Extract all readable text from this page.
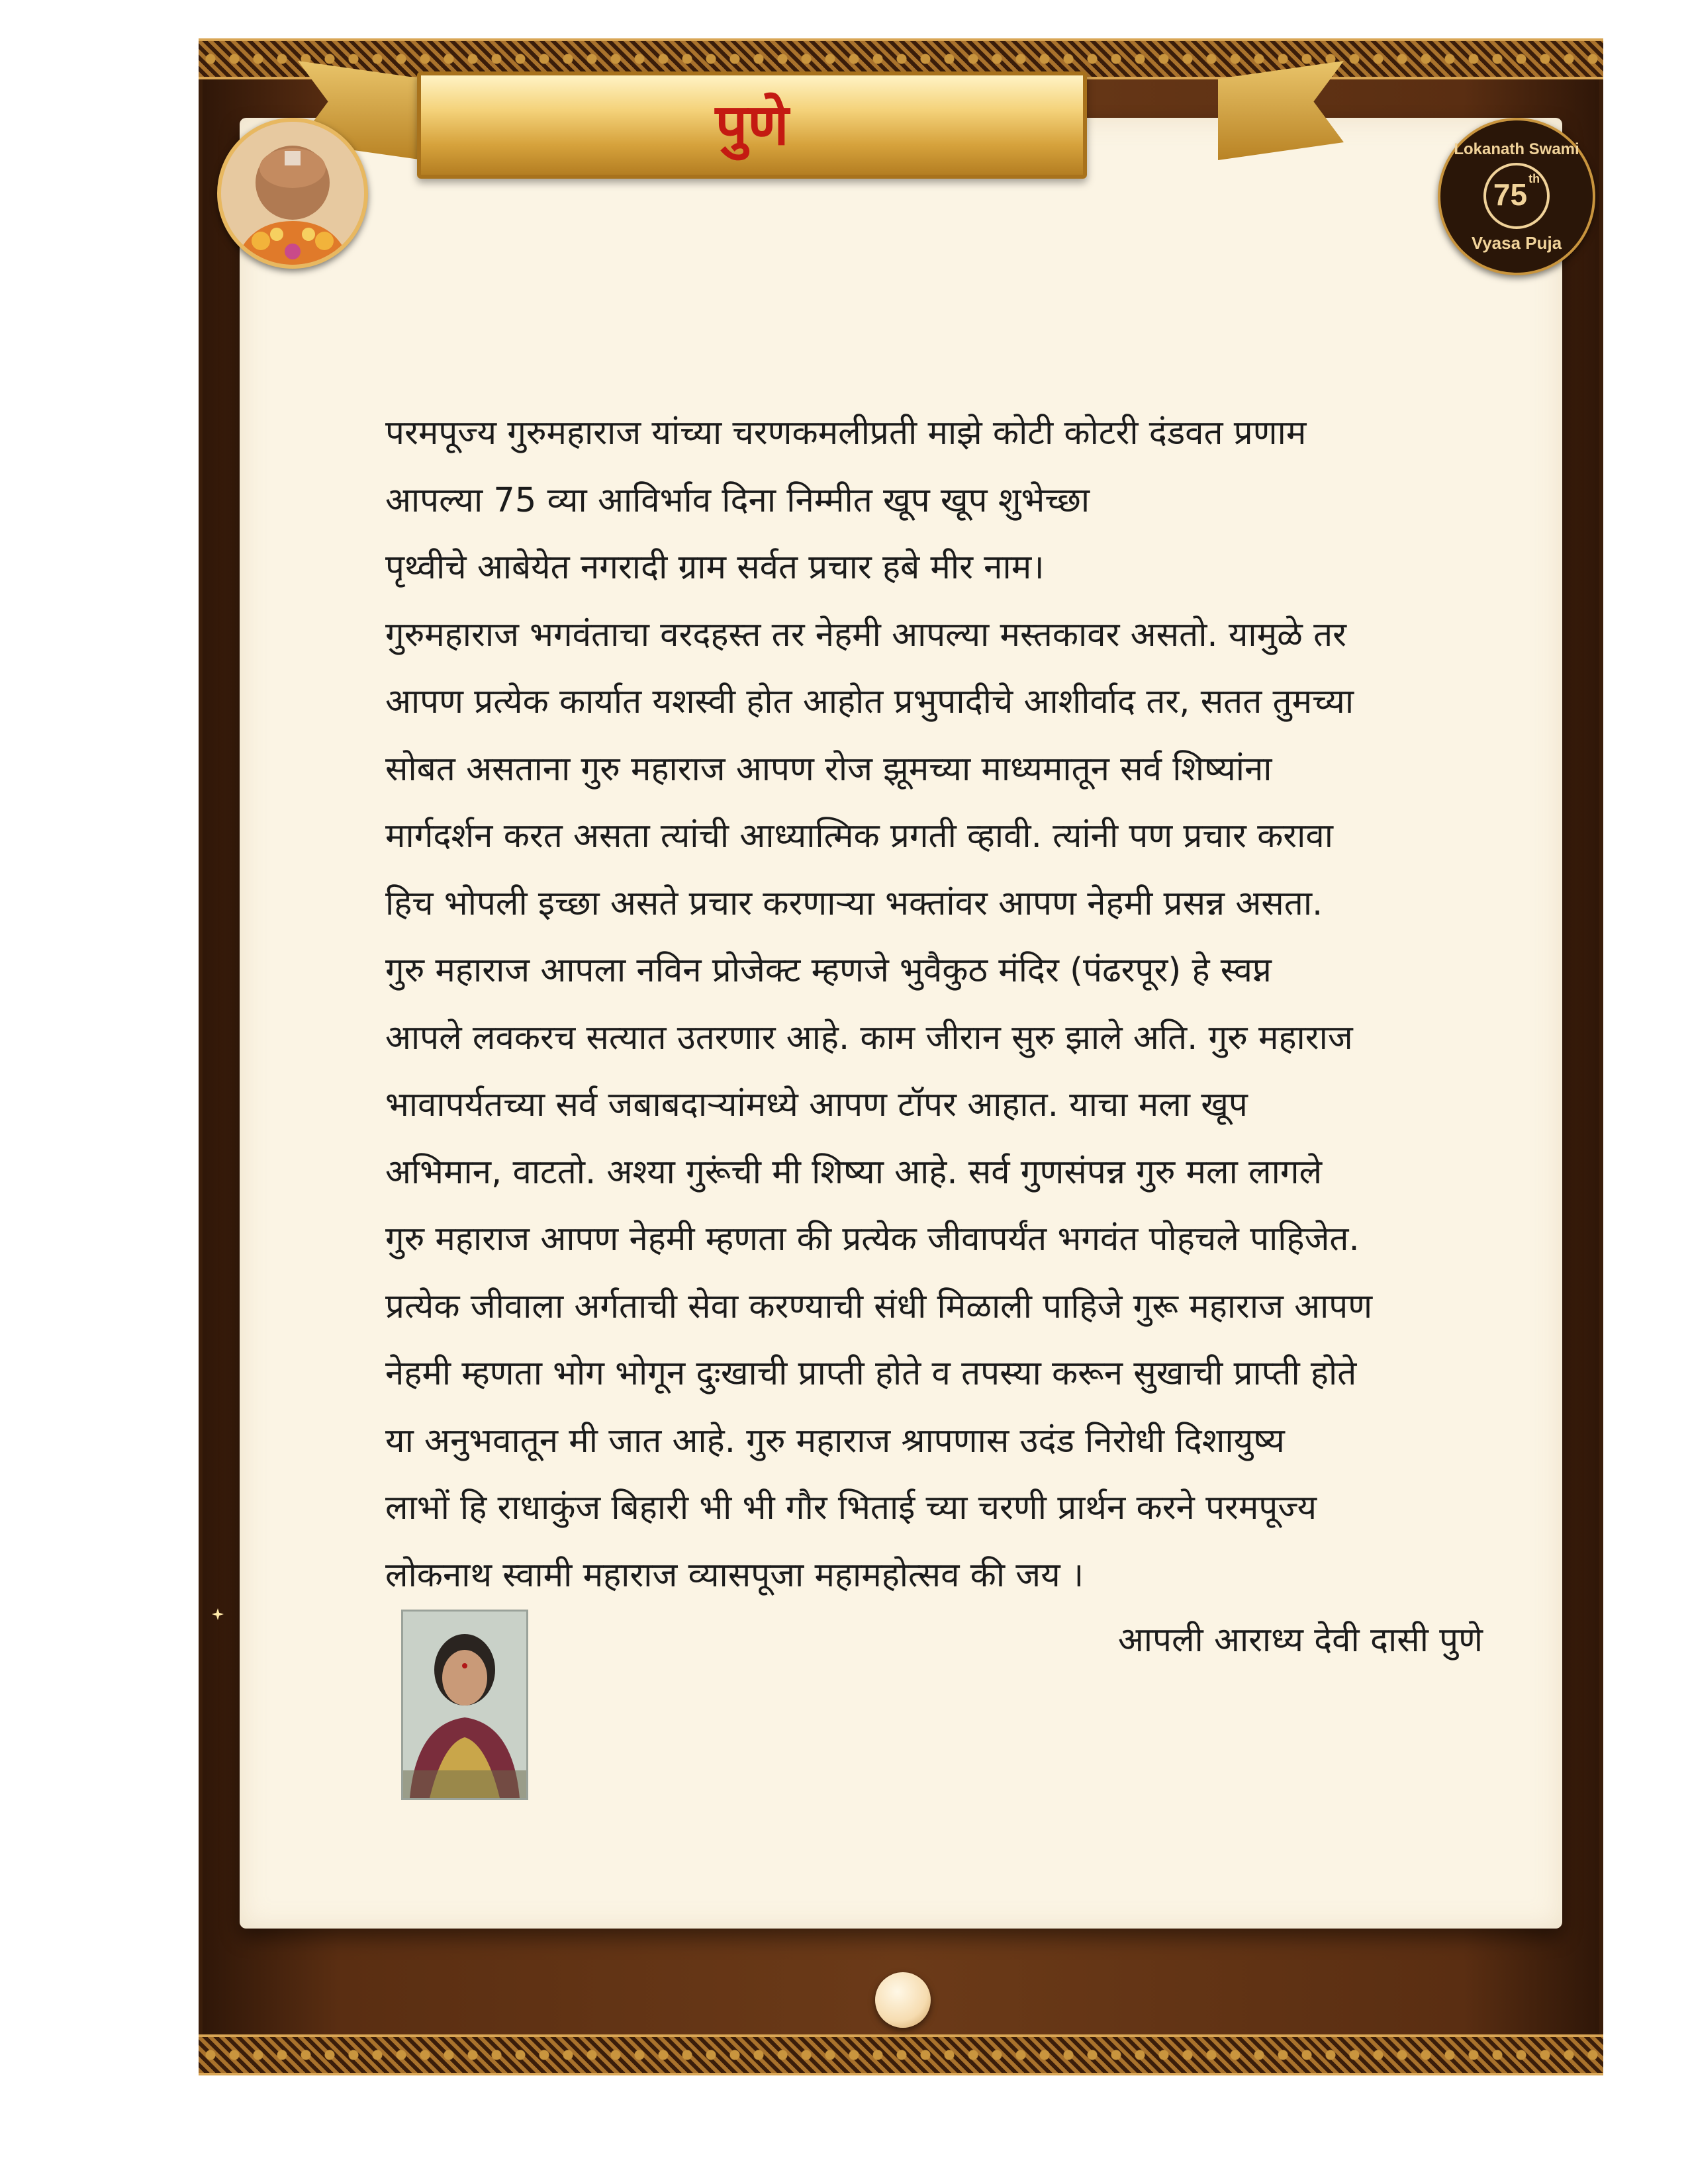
पुणे	Lokanath Swami
75th
Vyasa Puja
परमपूज्य गुरुमहाराज यांच्या चरणकमलीप्रती माझे कोटी कोटरी दंडवत प्रणाम
आपल्या 75 व्या आविर्भाव दिना निम्मीत खूप खूप शुभेच्छा
पृथ्वीचे आबेयेत नगरादी ग्राम सर्वत प्रचार हबे मीर नाम।
गुरुमहाराज भगवंताचा वरदहस्त तर नेहमी आपल्या मस्तकावर असतो. यामुळे तर
आपण प्रत्येक कार्यात यशस्वी होत आहोत प्रभुपादीचे आशीर्वाद तर, सतत तुमच्या
सोबत असताना गुरु महाराज आपण रोज झूमच्या माध्यमातून सर्व शिष्यांना
मार्गदर्शन करत असता त्यांची आध्यात्मिक प्रगती व्हावी. त्यांनी पण प्रचार करावा
हिच भोपली इच्छा असते प्रचार करणाऱ्या भक्तांवर आपण नेहमी प्रसन्न असता.
गुरु महाराज आपला नविन प्रोजेक्ट म्हणजे भुवैकुठ मंदिर (पंढरपूर) हे स्वप्न
आपले लवकरच सत्यात उतरणार आहे. काम जीरान सुरु झाले अति. गुरु महाराज
भावापर्यतच्या सर्व जबाबदाऱ्यांमध्ये आपण टॉपर आहात. याचा मला खूप
अभिमान, वाटतो. अश्या गुरूंची मी शिष्या आहे. सर्व गुणसंपन्न गुरु मला लागले
गुरु महाराज आपण नेहमी म्हणता की प्रत्येक जीवापर्यंत भगवंत पोहचले पाहिजेत.
प्रत्येक जीवाला अर्गताची सेवा करण्याची संधी मिळाली पाहिजे गुरू महाराज आपण
नेहमी म्हणता भोग भोगून दुःखाची प्राप्ती होते व तपस्या करून सुखाची प्राप्ती होते
या अनुभवातून मी जात आहे. गुरु महाराज श्रापणास उदंड निरोधी दिशायुष्य
लाभों हि राधाकुंज बिहारी भी भी गौर भिताई च्या चरणी प्रार्थन करने परमपूज्य
लोकनाथ स्वामी महाराज व्यासपूजा महामहोत्सव की जय ।
आपली आराध्य देवी दासी पुणे
